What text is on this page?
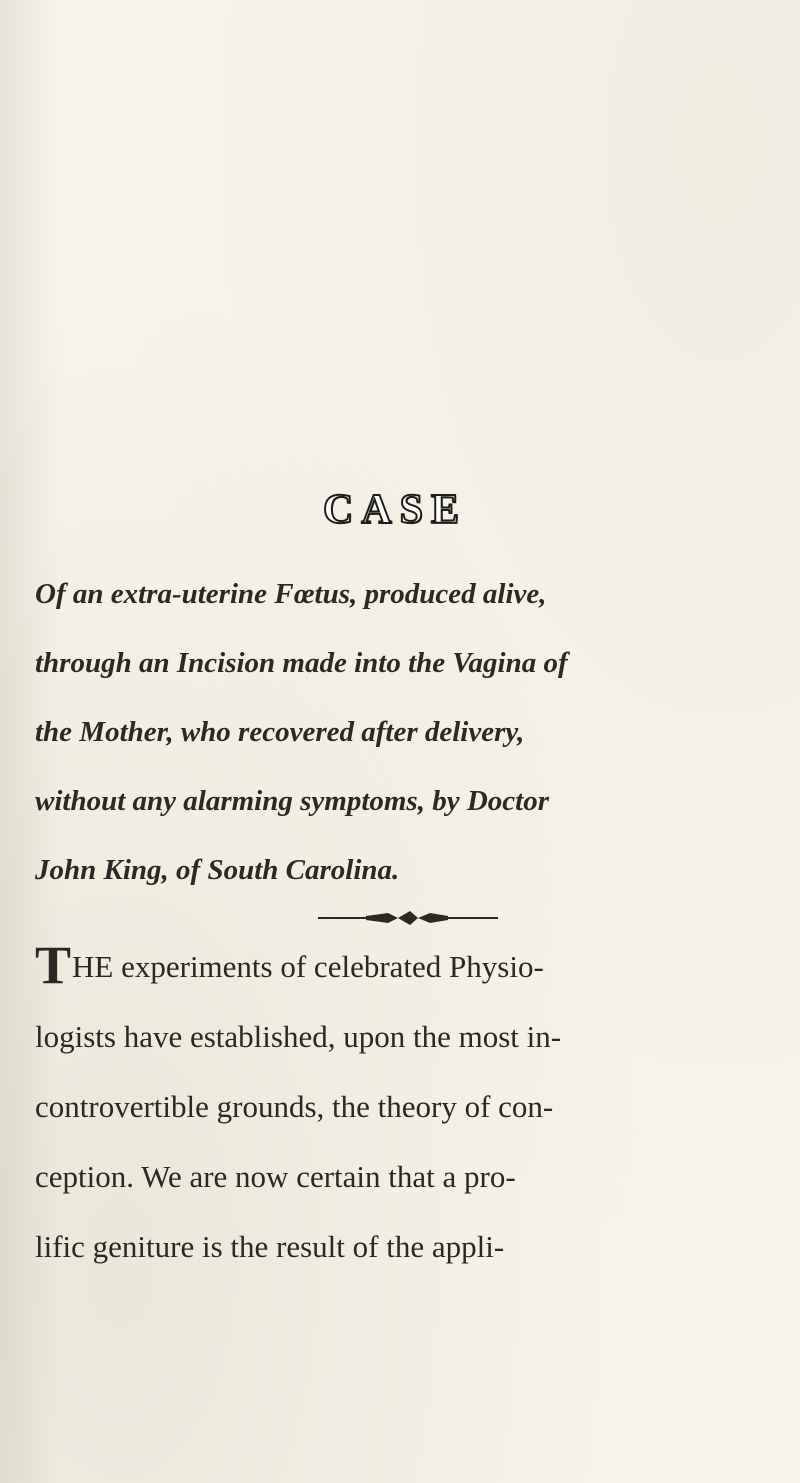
C A S E

Of an extra-uterine Fœtus, produced alive,
through an Incision made into the Vagina of
the Mother, who recovered after delivery,
without any alarming symptoms, by Doctor
John King, of South Carolina.

THE experiments of celebrated Physio-
logists have established, upon the most in-
controvertible grounds, the theory of con-
ception. We are now certain that a pro-
lific geniture is the result of the appli-
